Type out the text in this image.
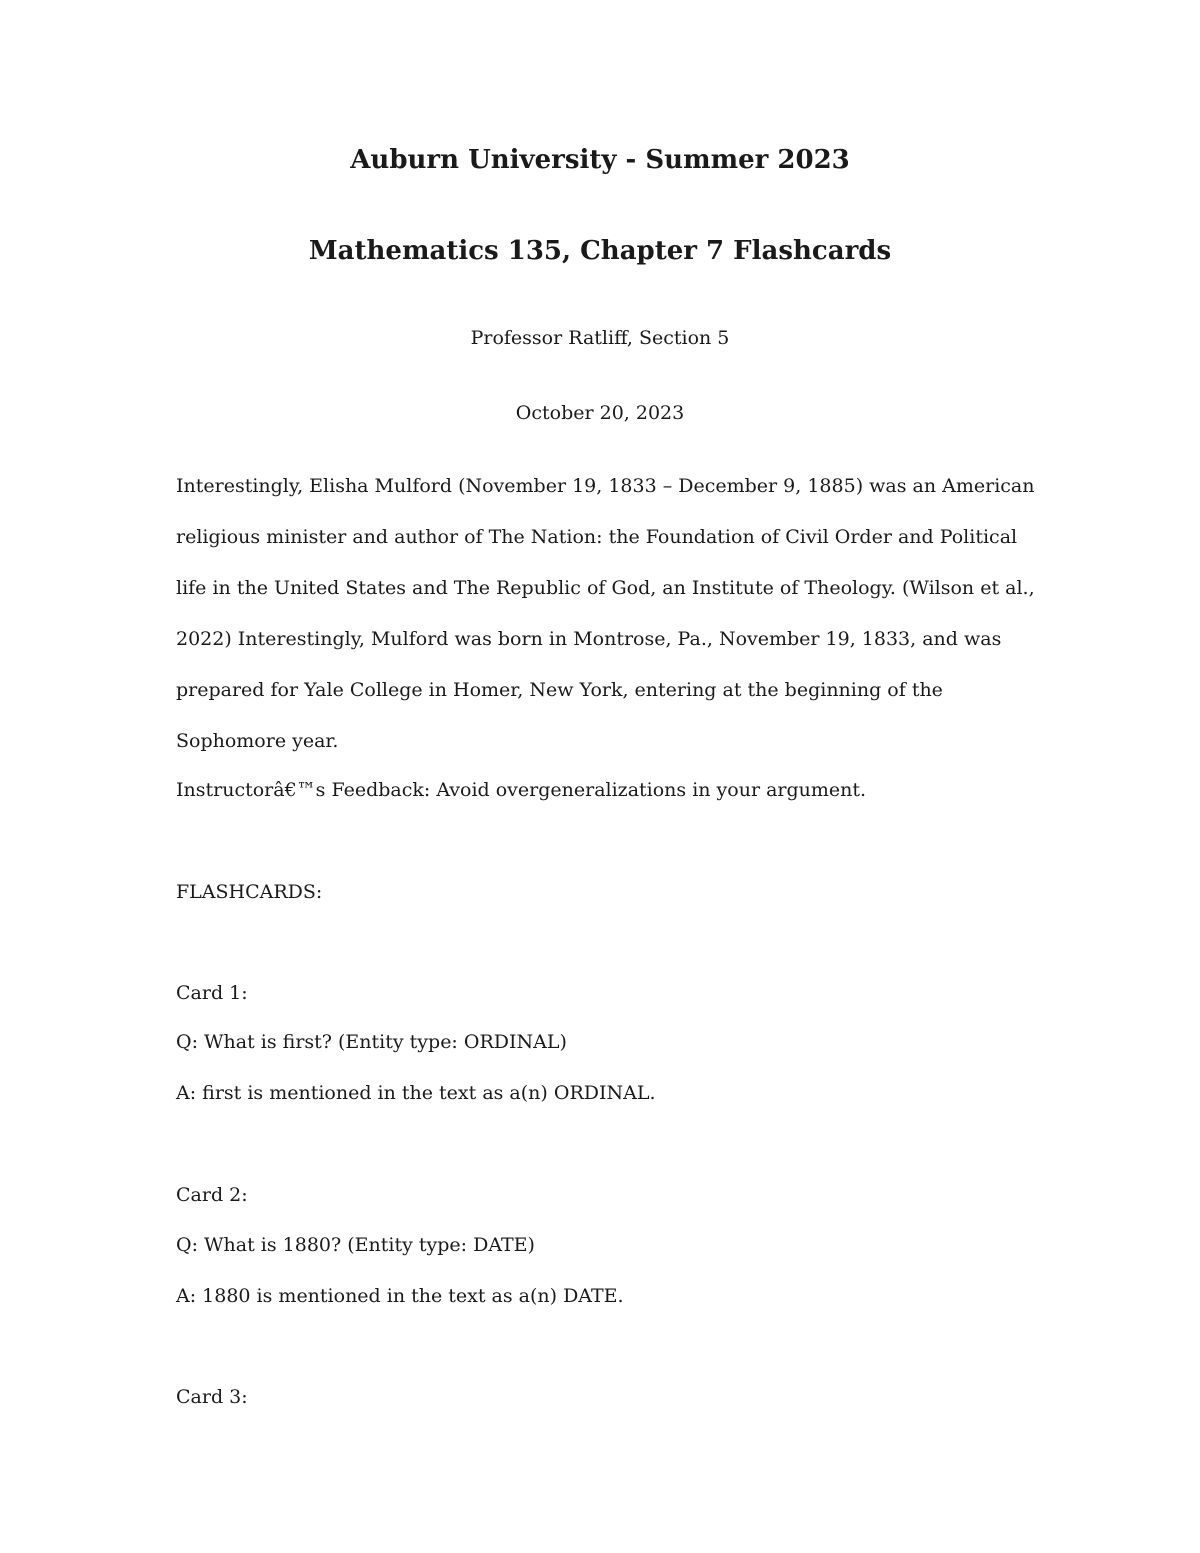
Auburn University - Summer 2023
Mathematics 135, Chapter 7 Flashcards

Professor Ratliff, Section 5

October 20, 2023

Interestingly, Elisha Mulford (November 19, 1833 – December 9, 1885) was an American religious minister and author of The Nation: the Foundation of Civil Order and Political life in the United States and The Republic of God, an Institute of Theology. (Wilson et al., 2022) Interestingly, Mulford was born in Montrose, Pa., November 19, 1833, and was prepared for Yale College in Homer, New York, entering at the beginning of the Sophomore year.

Instructorâ€™s Feedback: Avoid overgeneralizations in your argument.

FLASHCARDS:

Card 1:

Q: What is first? (Entity type: ORDINAL)

A: first is mentioned in the text as a(n) ORDINAL.

Card 2:

Q: What is 1880? (Entity type: DATE)

A: 1880 is mentioned in the text as a(n) DATE.

Card 3:
